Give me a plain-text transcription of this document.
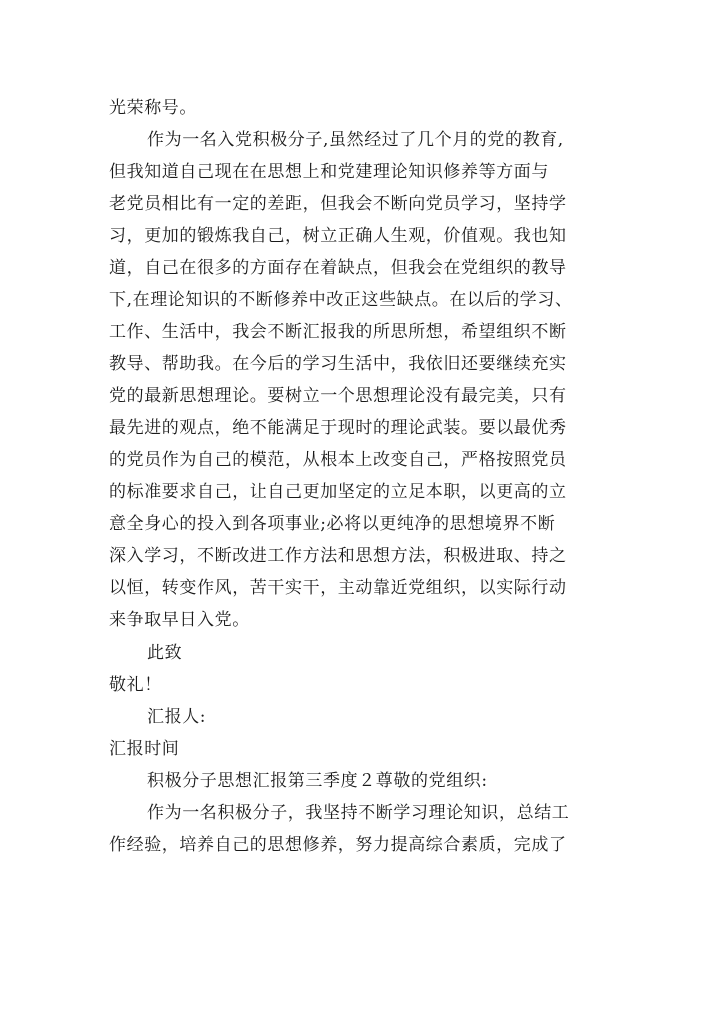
光荣称号。
作为一名入党积极分子,虽然经过了几个月的党的教育,
但我知道自己现在在思想上和党建理论知识修养等方面与
老党员相比有一定的差距，但我会不断向党员学习，坚持学
习，更加的锻炼我自己，树立正确人生观，价值观。我也知
道，自己在很多的方面存在着缺点，但我会在党组织的教导
下,在理论知识的不断修养中改正这些缺点。在以后的学习、
工作、生活中，我会不断汇报我的所思所想，希望组织不断
教导、帮助我。在今后的学习生活中，我依旧还要继续充实
党的最新思想理论。要树立一个思想理论没有最完美，只有
最先进的观点，绝不能满足于现时的理论武装。要以最优秀
的党员作为自己的模范，从根本上改变自己，严格按照党员
的标准要求自己，让自己更加坚定的立足本职，以更高的立
意全身心的投入到各项事业;必将以更纯净的思想境界不断
深入学习，不断改进工作方法和思想方法，积极进取、持之
以恒，转变作风，苦干实干，主动靠近党组织，以实际行动
来争取早日入党。
此致
敬礼！
汇报人:
汇报时间
积极分子思想汇报第三季度２尊敬的党组织:
作为一名积极分子，我坚持不断学习理论知识，总结工
作经验，培养自己的思想修养，努力提高综合素质，完成了
